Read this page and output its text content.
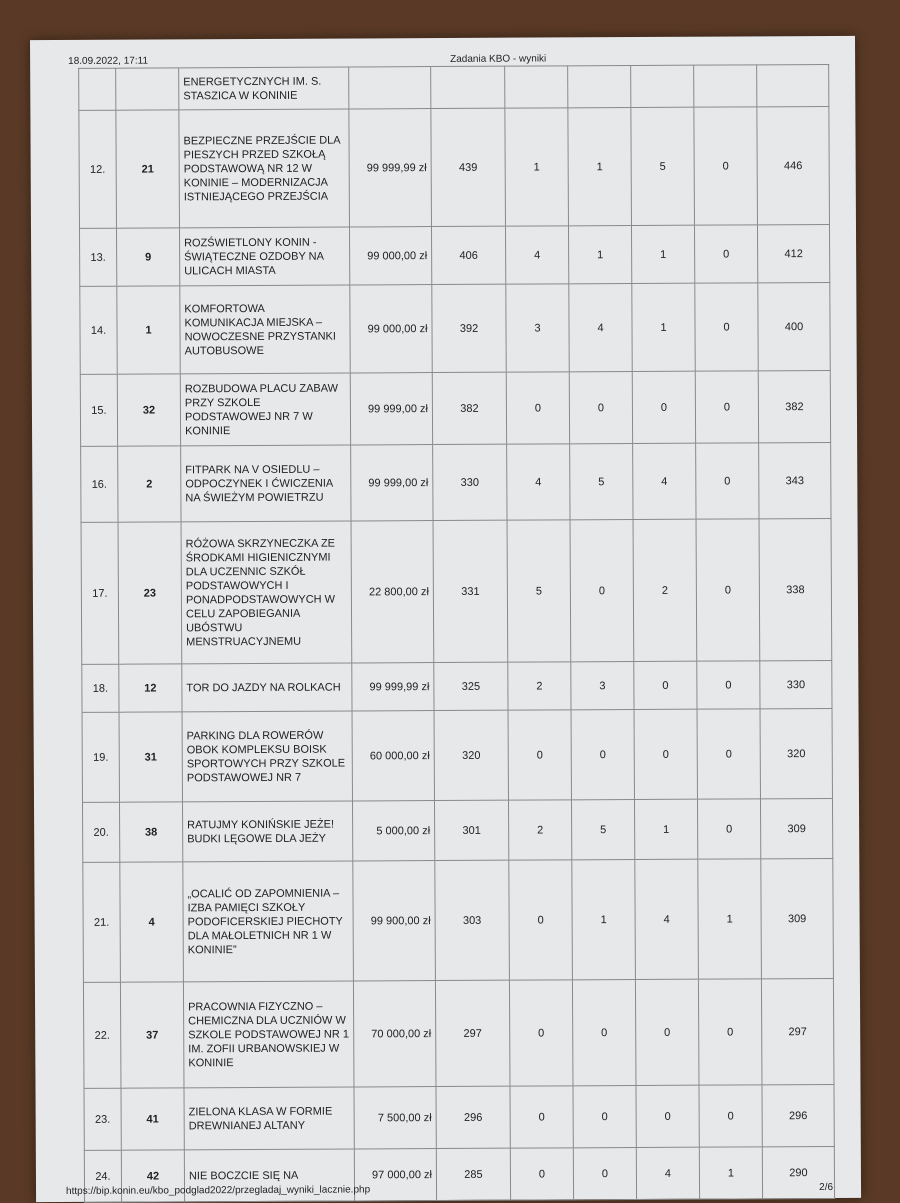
18.09.2022, 17:11	Zadania KBO - wyniki
		ENERGETYCZNYCH IM. S. STASZICA W KONINIE							
12.	21	BEZPIECZNE PRZEJŚCIE DLA PIESZYCH PRZED SZKOŁĄ PODSTAWOWĄ NR 12 W KONINIE – MODERNIZACJA ISTNIEJĄCEGO PRZEJŚCIA	99 999,99 zł	439	1	1	5	0	446
13.	9	ROZŚWIETLONY KONIN - ŚWIĄTECZNE OZDOBY NA ULICACH MIASTA	99 000,00 zł	406	4	1	1	0	412
14.	1	KOMFORTOWA KOMUNIKACJA MIEJSKA – NOWOCZESNE PRZYSTANKI AUTOBUSOWE	99 000,00 zł	392	3	4	1	0	400
15.	32	ROZBUDOWA PLACU ZABAW PRZY SZKOLE PODSTAWOWEJ NR 7 W KONINIE	99 999,00 zł	382	0	0	0	0	382
16.	2	FITPARK NA V OSIEDLU – ODPOCZYNEK I ĆWICZENIA NA ŚWIEŻYM POWIETRZU	99 999,00 zł	330	4	5	4	0	343
17.	23	RÓŻOWA SKRZYNECZKA ZE ŚRODKAMI HIGIENICZNYMI DLA UCZENNIC SZKÓŁ PODSTAWOWYCH I PONADPODSTAWOWYCH W CELU ZAPOBIEGANIA UBÓSTWU MENSTRUACYJNEMU	22 800,00 zł	331	5	0	2	0	338
18.	12	TOR DO JAZDY NA ROLKACH	99 999,99 zł	325	2	3	0	0	330
19.	31	PARKING DLA ROWERÓW OBOK KOMPLEKSU BOISK SPORTOWYCH PRZY SZKOLE PODSTAWOWEJ NR 7	60 000,00 zł	320	0	0	0	0	320
20.	38	RATUJMY KONIŃSKIE JEŻE! BUDKI LĘGOWE DLA JEŻY	5 000,00 zł	301	2	5	1	0	309
21.	4	„OCALIĆ OD ZAPOMNIENIA – IZBA PAMIĘCI SZKOŁY PODOFICERSKIEJ PIECHOTY DLA MAŁOLETNICH NR 1 W KONINIE”	99 900,00 zł	303	0	1	4	1	309
22.	37	PRACOWNIA FIZYCZNO – CHEMICZNA DLA UCZNIÓW W SZKOLE PODSTAWOWEJ NR 1 IM. ZOFII URBANOWSKIEJ W KONINIE	70 000,00 zł	297	0	0	0	0	297
23.	41	ZIELONA KLASA W FORMIE DREWNIANEJ ALTANY	7 500,00 zł	296	0	0	0	0	296
24.	42	NIE BOCZCIE SIĘ NA	97 000,00 zł	285	0	0	4	1	290
https://bip.konin.eu/kbo_podglad2022/przegladaj_wyniki_lacznie.php	2/6
